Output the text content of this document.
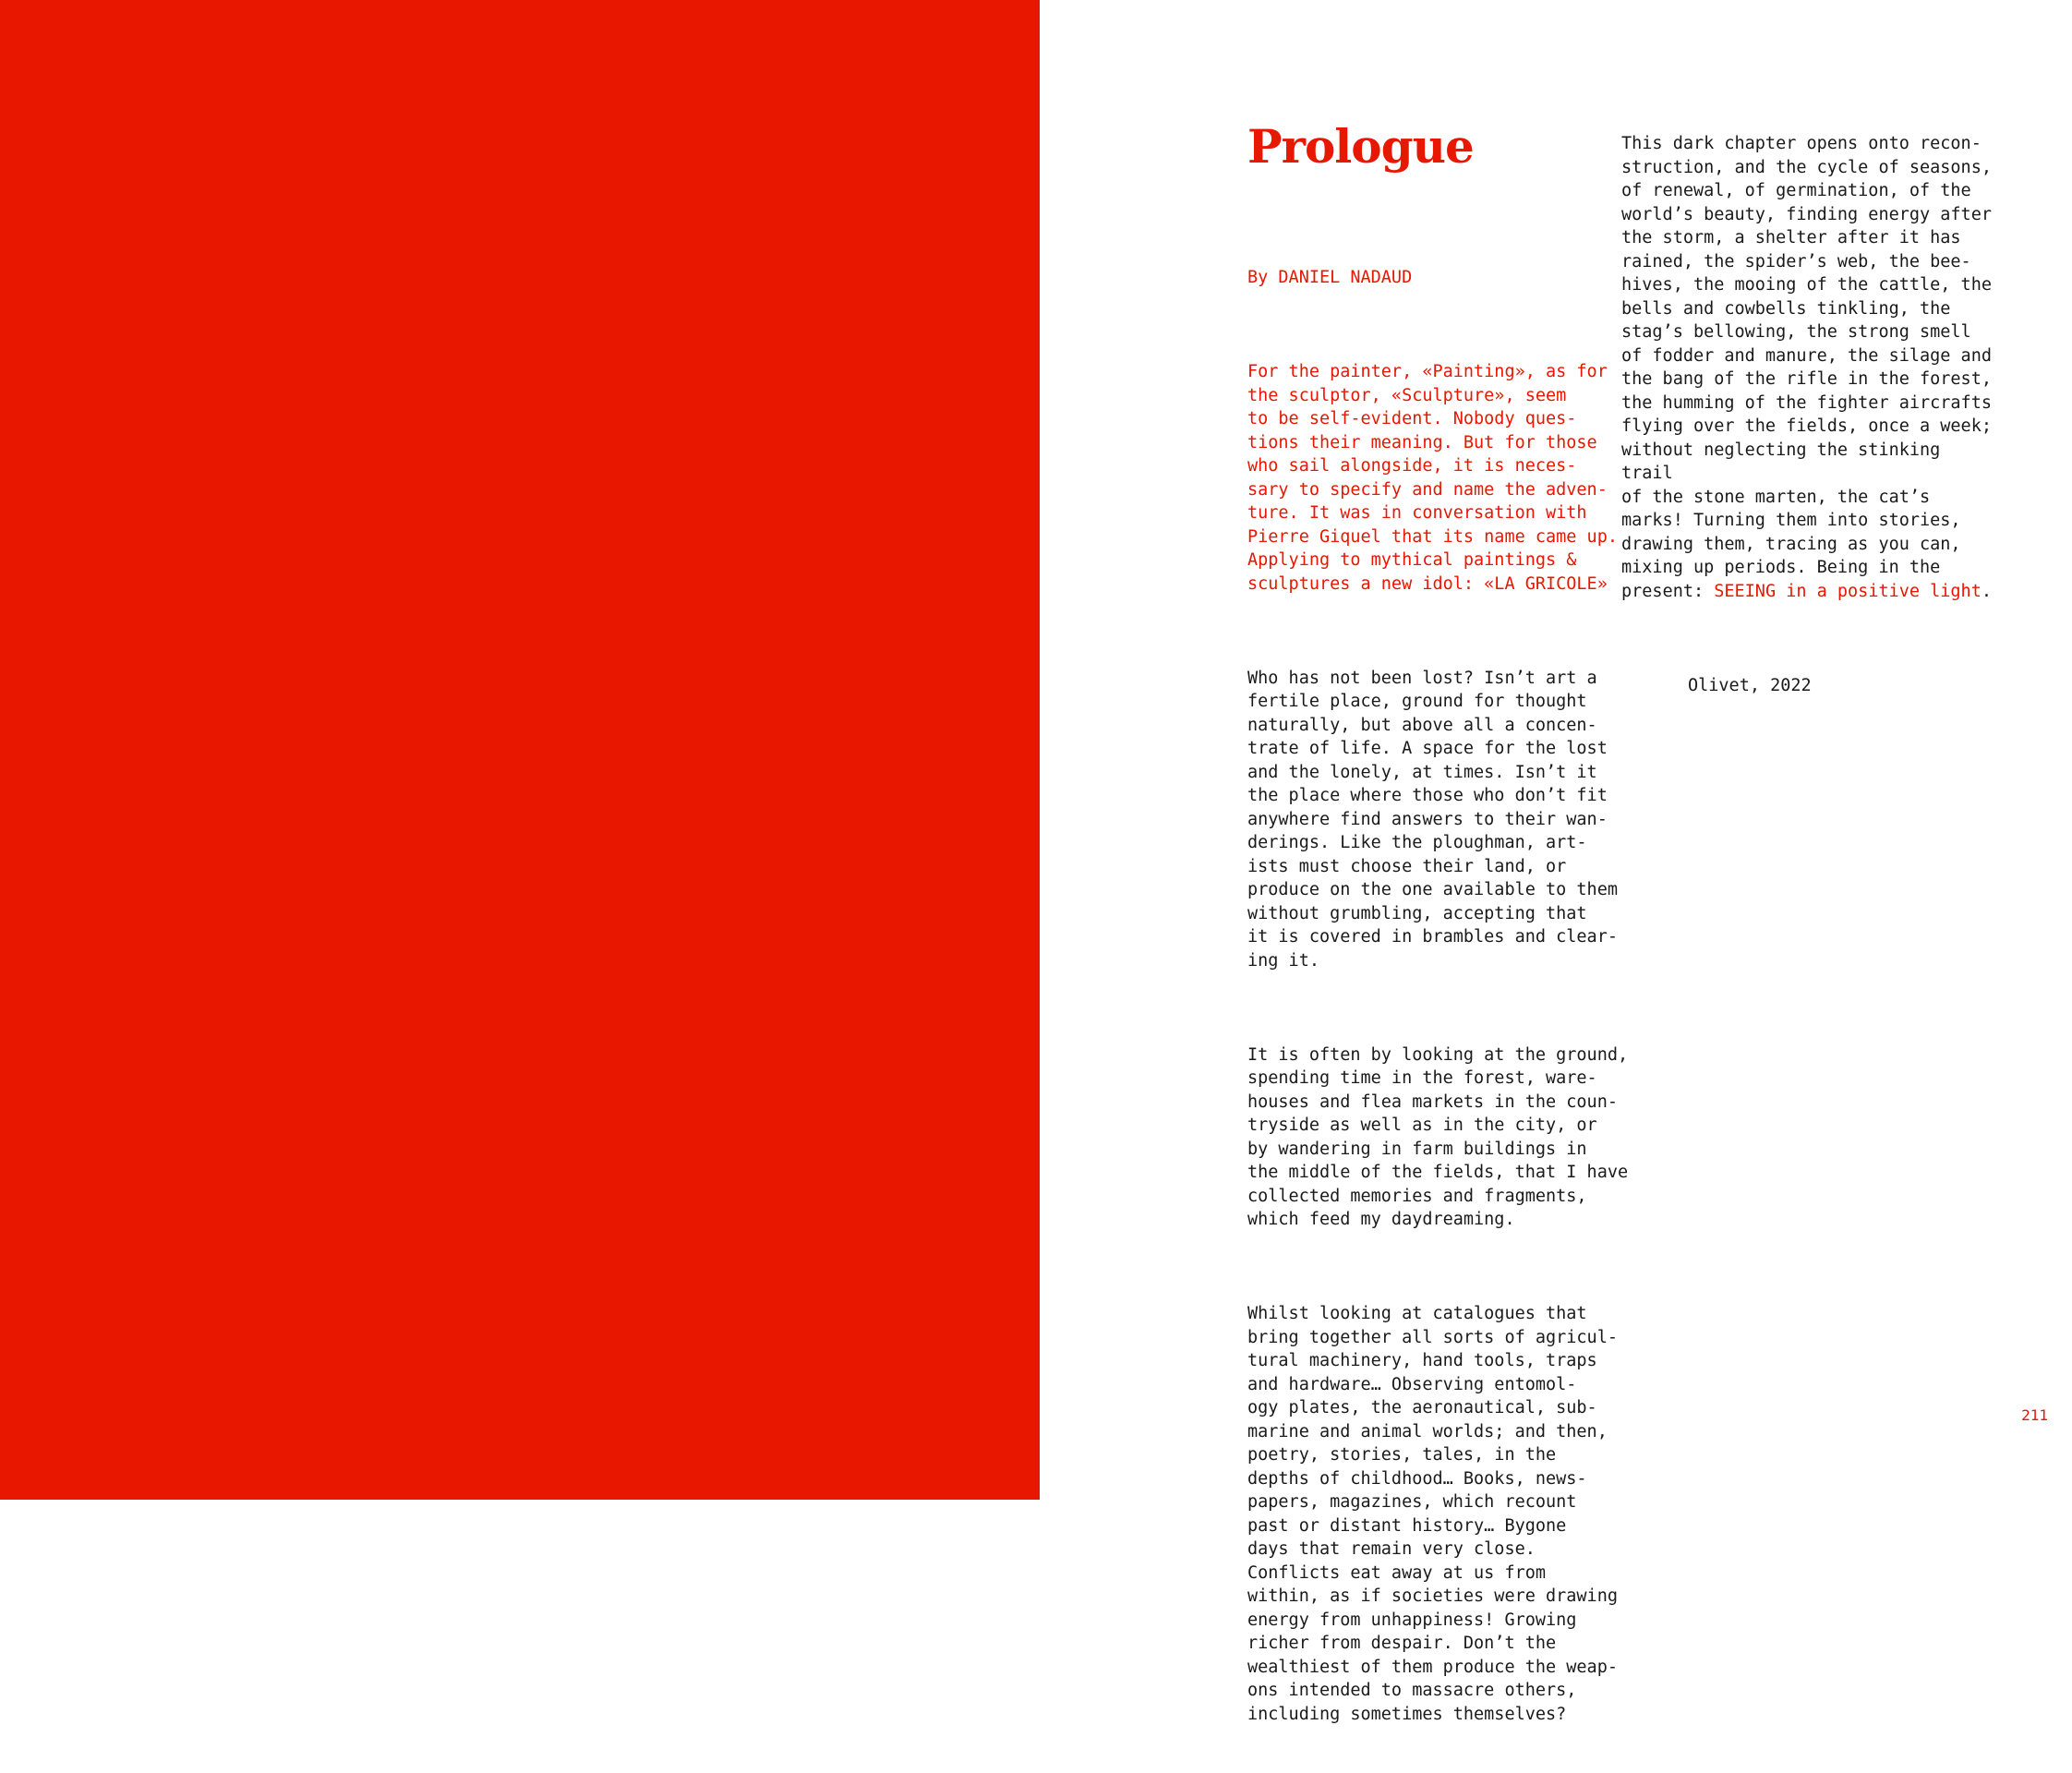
Prologue

By DANIEL NADAUD

For the painter, «Painting», as for
the sculptor, «Sculpture», seem
to be self-evident. Nobody ques-
tions their meaning. But for those
who sail alongside, it is neces-
sary to specify and name the adven-
ture. It was in conversation with
Pierre Giquel that its name came up.
Applying to mythical paintings &
sculptures a new idol: «LA GRICOLE»

Who has not been lost? Isn’t art a
fertile place, ground for thought
naturally, but above all a concen-
trate of life. A space for the lost
and the lonely, at times. Isn’t it
the place where those who don’t fit
anywhere find answers to their wan-
derings. Like the ploughman, art-
ists must choose their land, or
produce on the one available to them
without grumbling, accepting that
it is covered in brambles and clear-
ing it.

It is often by looking at the ground,
spending time in the forest, ware-
houses and flea markets in the coun-
tryside as well as in the city, or
by wandering in farm buildings in
the middle of the fields, that I have
collected memories and fragments,
which feed my daydreaming.

Whilst looking at catalogues that
bring together all sorts of agricul-
tural machinery, hand tools, traps
and hardware… Observing entomol-
ogy plates, the aeronautical, sub-
marine and animal worlds; and then,
poetry, stories, tales, in the
depths of childhood… Books, news-
papers, magazines, which recount
past or distant history… Bygone
days that remain very close.
Conflicts eat away at us from
within, as if societies were drawing
energy from unhappiness! Growing
richer from despair. Don’t the
wealthiest of them produce the weap-
ons intended to massacre others,
including sometimes themselves?

This dark chapter opens onto recon-
struction, and the cycle of seasons,
of renewal, of germination, of the
world’s beauty, finding energy after
the storm, a shelter after it has
rained, the spider’s web, the bee-
hives, the mooing of the cattle, the
bells and cowbells tinkling, the
stag’s bellowing, the strong smell
of fodder and manure, the silage and
the bang of the rifle in the forest,
the humming of the fighter aircrafts
flying over the fields, once a week;
without neglecting the stinking
trail
of the stone marten, the cat’s
marks! Turning them into stories,
drawing them, tracing as you can,
mixing up periods. Being in the
present: SEEING in a positive light.

Olivet, 2022

211
